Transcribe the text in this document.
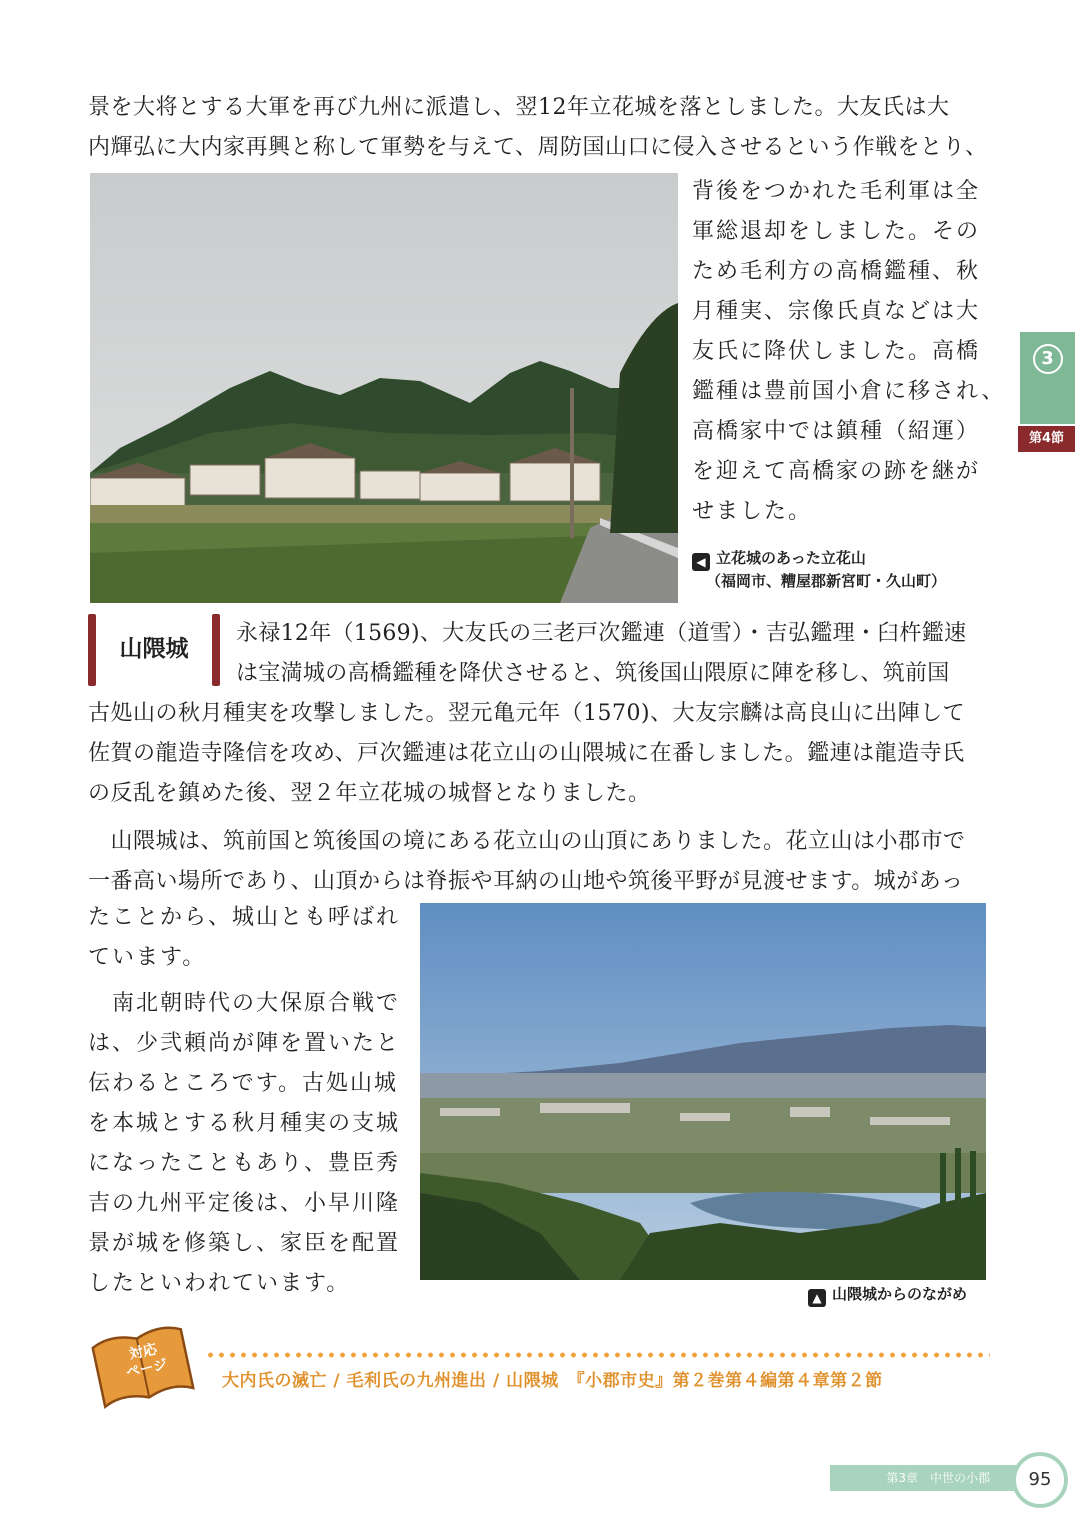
景を大将とする大軍を再び九州に派遣し、翌12年立花城を落としました。大友氏は大

内輝弘に大内家再興と称して軍勢を与えて、周防国山口に侵入させるという作戦をとり、

背後をつかれた毛利軍は全

軍総退却をしました。その

ため毛利方の高橋鑑種、秋

月種実、宗像氏貞などは大

友氏に降伏しました。高橋

鑑種は豊前国小倉に移され、

高橋家中では鎮種（紹運）

を迎えて高橋家の跡を継が

せました。

◀ 立花城のあった立花山
（福岡市、糟屋郡新宮町・久山町）
山隈城

永禄12年（1569)、大友氏の三老戸次鑑連（道雪）・吉弘鑑理・臼杵鑑速

は宝満城の高橋鑑種を降伏させると、筑後国山隈原に陣を移し、筑前国

古処山の秋月種実を攻撃しました。翌元亀元年（1570)、大友宗麟は高良山に出陣して

佐賀の龍造寺隆信を攻め、戸次鑑連は花立山の山隈城に在番しました。鑑連は龍造寺氏

の反乱を鎮めた後、翌２年立花城の城督となりました。

　山隈城は、筑前国と筑後国の境にある花立山の山頂にありました。花立山は小郡市で

一番高い場所であり、山頂からは脊振や耳納の山地や筑後平野が見渡せます。城があっ

たことから、城山とも呼ばれ

ています。

　南北朝時代の大保原合戦で

は、少弐頼尚が陣を置いたと

伝わるところです。古処山城

を本城とする秋月種実の支城

になったこともあり、豊臣秀

吉の九州平定後は、小早川隆

景が城を修築し、家臣を配置

したといわれています。

▲ 山隈城からのながめ
対応
ページ
大内氏の滅亡 / 毛利氏の九州進出 / 山隈城　『小郡市史』第２巻第４編第４章第２節
3
第4節
第3章　中世の小郡	95
